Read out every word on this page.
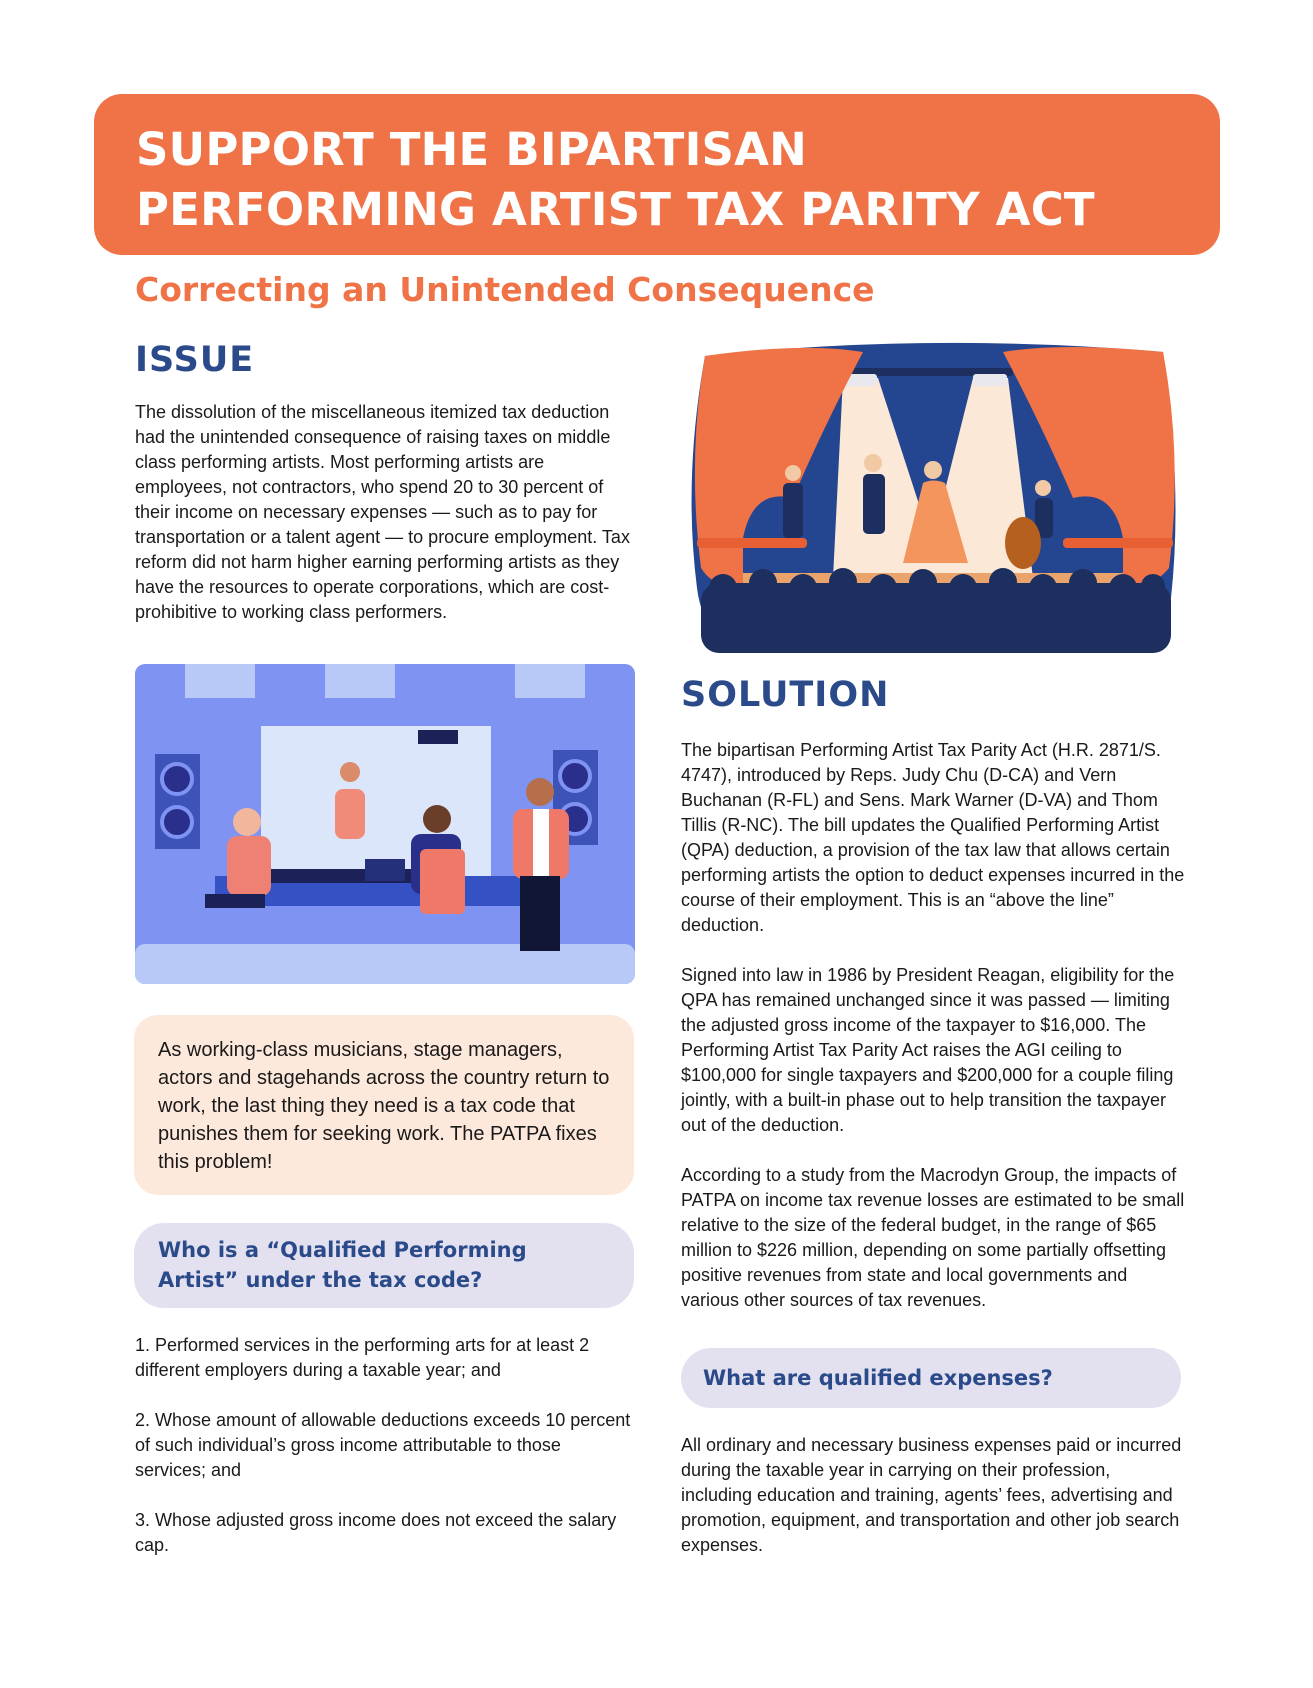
SUPPORT THE BIPARTISAN
PERFORMING ARTIST TAX PARITY ACT
Correcting an Unintended Consequence
ISSUE
The dissolution of the miscellaneous itemized tax deduction had the unintended consequence of raising taxes on middle class performing artists. Most performing artists are employees, not contractors, who spend 20 to 30 percent of their income on necessary expenses — such as to pay for transportation or a talent agent — to procure employment. Tax reform did not harm higher earning performing artists as they have the resources to operate corporations, which are cost-prohibitive to working class performers.
As working-class musicians, stage managers, actors and stagehands across the country return to work, the last thing they need is a tax code that punishes them for seeking work. The PATPA fixes this problem!
Who is a “Qualified Performing Artist” under the tax code?
1. Performed services in the performing arts for at least 2 different employers during a taxable year; and
2. Whose amount of allowable deductions exceeds 10 percent of such individual’s gross income attributable to those services; and
3. Whose adjusted gross income does not exceed the salary cap.
SOLUTION
The bipartisan Performing Artist Tax Parity Act (H.R. 2871/S. 4747), introduced by Reps. Judy Chu (D-CA) and Vern Buchanan (R-FL) and Sens. Mark Warner (D-VA) and Thom Tillis (R-NC). The bill updates the Qualified Performing Artist (QPA) deduction, a provision of the tax law that allows certain performing artists the option to deduct expenses incurred in the course of their employment. This is an “above the line” deduction.
Signed into law in 1986 by President Reagan, eligibility for the QPA has remained unchanged since it was passed — limiting the adjusted gross income of the taxpayer to $16,000. The Performing Artist Tax Parity Act raises the AGI ceiling to $100,000 for single taxpayers and $200,000 for a couple filing jointly, with a built-in phase out to help transition the taxpayer out of the deduction.
According to a study from the Macrodyn Group, the impacts of PATPA on income tax revenue losses are estimated to be small relative to the size of the federal budget, in the range of $65 million to $226 million, depending on some partially offsetting positive revenues from state and local governments and various other sources of tax revenues.
What are qualified expenses?
All ordinary and necessary business expenses paid or incurred during the taxable year in carrying on their profession, including education and training, agents’ fees, advertising and promotion, equipment, and transportation and other job search expenses.
